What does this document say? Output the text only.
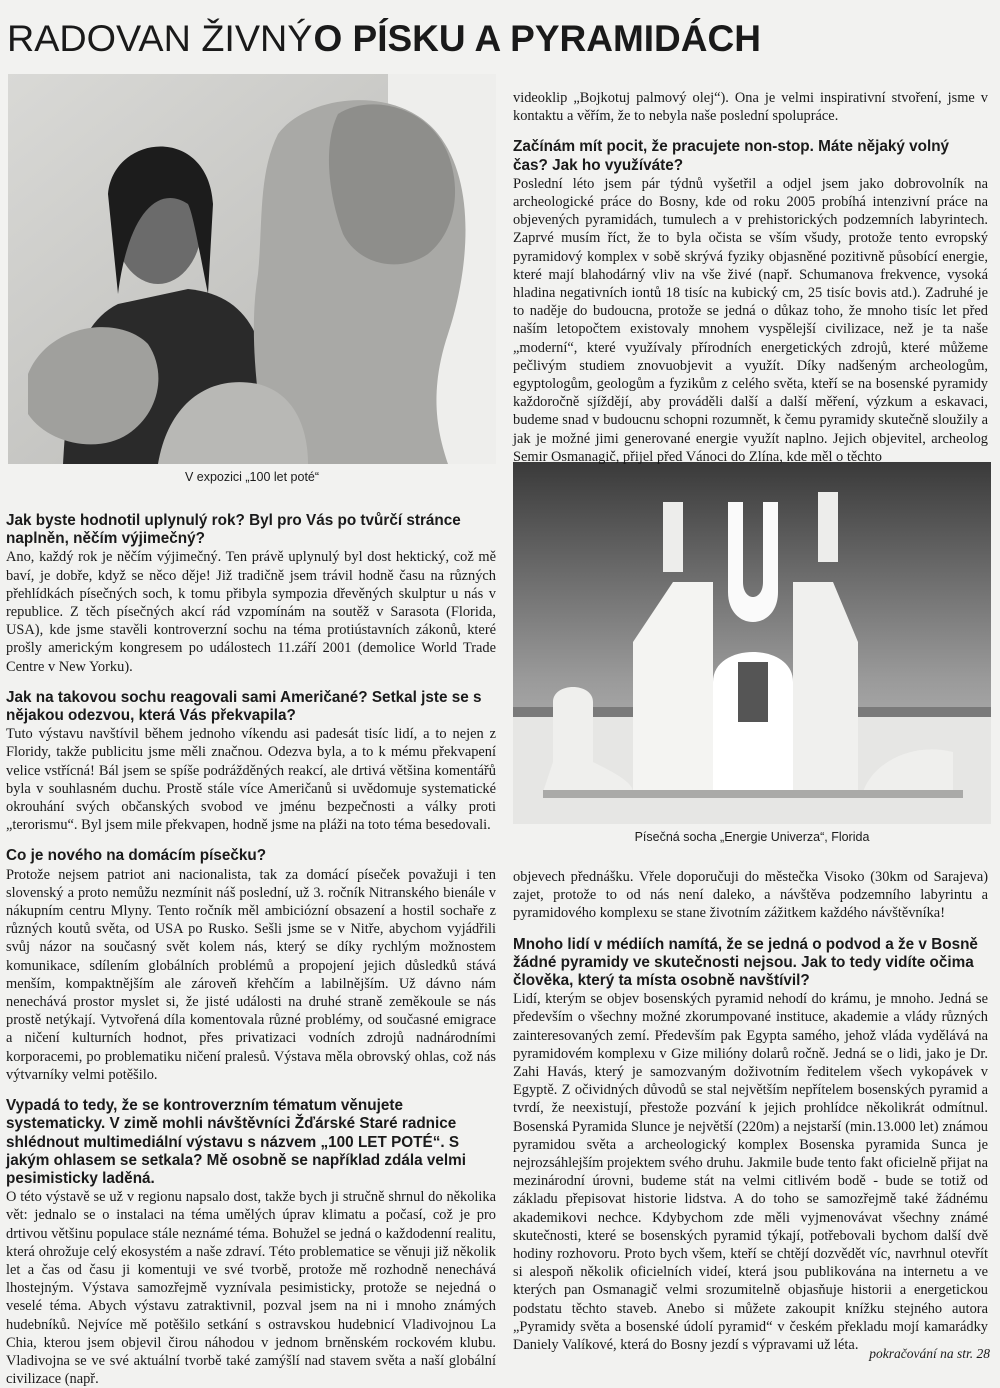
RADOVAN ŽIVNÝ O PÍSKU A PYRAMIDÁCH
V expozici „100 let poté“
Písečná socha „Energie Univerza“, Florida

Jak byste hodnotil uplynulý rok? Byl pro Vás po tvůrčí stránce naplněn, něčím výjimečný?

Ano, každý rok je něčím výjimečný. Ten právě uplynulý byl dost hektický, což mě baví, je dobře, když se něco děje! Již tradičně jsem trávil hodně času na různých přehlídkách písečných soch, k tomu přibyla sympozia dřevěných skulptur u nás v republice. Z těch písečných akcí rád vzpomínám na soutěž v Sarasota (Florida, USA), kde jsme stavěli kontroverzní sochu na téma protiústavních zákonů, které prošly americkým kongresem po událostech 11.září 2001 (demolice World Trade Centre v New Yorku).

Jak na takovou sochu reagovali sami Američané? Setkal jste se s nějakou odezvou, která Vás překvapila?

Tuto výstavu navštívil během jednoho víkendu asi padesát tisíc lidí, a to nejen z Floridy, takže publicitu jsme měli značnou. Odezva byla, a to k mému překvapení velice vstřícná! Bál jsem se spíše podrážděných reakcí, ale drtivá většina komentářů byla v souhlasném duchu. Prostě stále více Američanů si uvědomuje systematické okrouhání svých občanských svobod ve jménu bezpečnosti a války proti „terorismu“. Byl jsem mile překvapen, hodně jsme na pláži na toto téma besedovali.

Co je nového na domácím písečku?

Protože nejsem patriot ani nacionalista, tak za domácí píseček považuji i ten slovenský a proto nemůžu nezmínit náš poslední, už 3. ročník Nitranského bienále v nákupním centru Mlyny. Tento ročník měl ambiciózní obsazení a hostil sochaře z různých koutů světa, od USA po Rusko. Sešli jsme se v Nitře, abychom vyjádřili svůj názor na současný svět kolem nás, který se díky rychlým možnostem komunikace, sdílením globálních problémů a propojení jejich důsledků stává menším, kompaktnějším ale zároveň křehčím a labilnějším. Už dávno nám nenechává prostor myslet si, že jisté události na druhé straně zeměkoule se nás prostě netýkají. Vytvořená díla komentovala různé problémy, od současné emigrace a ničení kulturních hodnot, přes privatizaci vodních zdrojů nadnárodními korporacemi, po problematiku ničení pralesů. Výstava měla obrovský ohlas, což nás výtvarníky velmi potěšilo.

Vypadá to tedy, že se kontroverzním tématum věnujete systematicky. V zimě mohli návštěvníci Žďárské Staré radnice shlédnout multimediální výstavu s názvem „100 LET POTÉ“. S jakým ohlasem se setkala? Mě osobně se například zdála velmi pesimisticky laděná.

O této výstavě se už v regionu napsalo dost, takže bych ji stručně shrnul do několika vět: jednalo se o instalaci na téma umělých úprav klimatu a počasí, což je pro drtivou většinu populace stále neznámé téma. Bohužel se jedná o každodenní realitu, která ohrožuje celý ekosystém a naše zdraví. Této problematice se věnuji již několik let a čas od času ji komentuji ve své tvorbě, protože mě rozhodně nenechává lhostejným. Výstava samozřejmě vyznívala pesimisticky, protože se nejedná o veselé téma. Abych výstavu zatraktivnil, pozval jsem na ni i mnoho známých hudebníků. Nejvíce mě potěšilo setkání s ostravskou hudebnicí Vladivojnou La Chia, kterou jsem objevil čirou náhodou v jednom brněnském rockovém klubu. Vladivojna se ve své aktuální tvorbě také zamýšlí nad stavem světa a naší globální civilizace (např.

videoklip „Bojkotuj palmový olej“). Ona je velmi inspirativní stvoření, jsme v kontaktu a věřím, že to nebyla naše poslední spolupráce.

Začínám mít pocit, že pracujete non-stop. Máte nějaký volný čas? Jak ho využíváte?

Poslední léto jsem pár týdnů vyšetřil a odjel jsem jako dobrovolník na archeologické práce do Bosny, kde od roku 2005 probíhá intenzivní práce na objevených pyramidách, tumulech a v prehistorických podzemních labyrintech. Zaprvé musím říct, že to byla očista se vším všudy, protože tento evropský pyramidový komplex v sobě skrývá fyziky objasněné pozitivně působící energie, které mají blahodárný vliv na vše živé (např. Schumanova frekvence, vysoká hladina negativních iontů 18 tisíc na kubický cm, 25 tisíc bovis atd.). Zadruhé je to naděje do budoucna, protože se jedná o důkaz toho, že mnoho tisíc let před naším letopočtem existovaly mnohem vyspělejší civilizace, než je ta naše „moderní“, které využívaly přírodních energetických zdrojů, které můžeme pečlivým studiem znovuobjevit a využít. Díky nadšeným archeologům, egyptologům, geologům a fyzikům z celého světa, kteří se na bosenské pyramidy každoročně sjíždějí, aby prováděli další a další měření, výzkum a eskavaci, budeme snad v budoucnu schopni rozumnět, k čemu pyramidy skutečně sloužily a jak je možné jimi generované energie využít naplno. Jejich objevitel, archeolog Semir Osmanagič, přijel před Vánoci do Zlína, kde měl o těchto

objevech přednášku. Vřele doporučuji do městečka Visoko (30km od Sarajeva) zajet, protože to od nás není daleko, a návštěva podzemního labyrintu a pyramidového komplexu se stane životním zážitkem každého návštěvníka!

Mnoho lidí v médiích namítá, že se jedná o podvod a že v Bosně žádné pyramidy ve skutečnosti nejsou. Jak to tedy vidíte očima člověka, který ta místa osobně navštívil?

Lidí, kterým se objev bosenských pyramid nehodí do krámu, je mnoho. Jedná se především o všechny možné zkorumpované instituce, akademie a vlády různých zainteresovaných zemí. Především pak Egypta samého, jehož vláda vydělává na pyramidovém komplexu v Gize milióny dolarů ročně. Jedná se o lidi, jako je Dr. Zahi Havás, který je samozvaným doživotním ředitelem všech vykopávek v Egyptě. Z očividných důvodů se stal největším nepřítelem bosenských pyramid a tvrdí, že neexistují, přestože pozvání k jejich prohlídce několikrát odmítnul. Bosenská Pyramida Slunce je největší (220m) a nejstarší (min.13.000 let) známou pyramidou světa a archeologický komplex Bosenska pyramida Sunca je nejrozsáhlejším projektem svého druhu. Jakmile bude tento fakt oficielně přijat na mezinárodní úrovni, budeme stát na velmi citlivém bodě - bude se totiž od základu přepisovat historie lidstva. A do toho se samozřejmě také žádnému akademikovi nechce. Kdybychom zde měli vyjmenovávat všechny známé skutečnosti, které se bosenských pyramid týkají, potřebovali bychom další dvě hodiny rozhovoru. Proto bych všem, kteří se chtějí dozvědět víc, navrhnul otevřít si alespoň několik oficielních videí, která jsou publikována na internetu a ve kterých pan Osmanagič velmi srozumitelně objasňuje historii a energetickou podstatu těchto staveb. Anebo si můžete zakoupit knížku stejného autora „Pyramidy světa a bosenské údolí pyramid“ v českém překladu mojí kamarádky Daniely Valíkové, která do Bosny jezdí s výpravami už léta.

pokračování na str. 28
